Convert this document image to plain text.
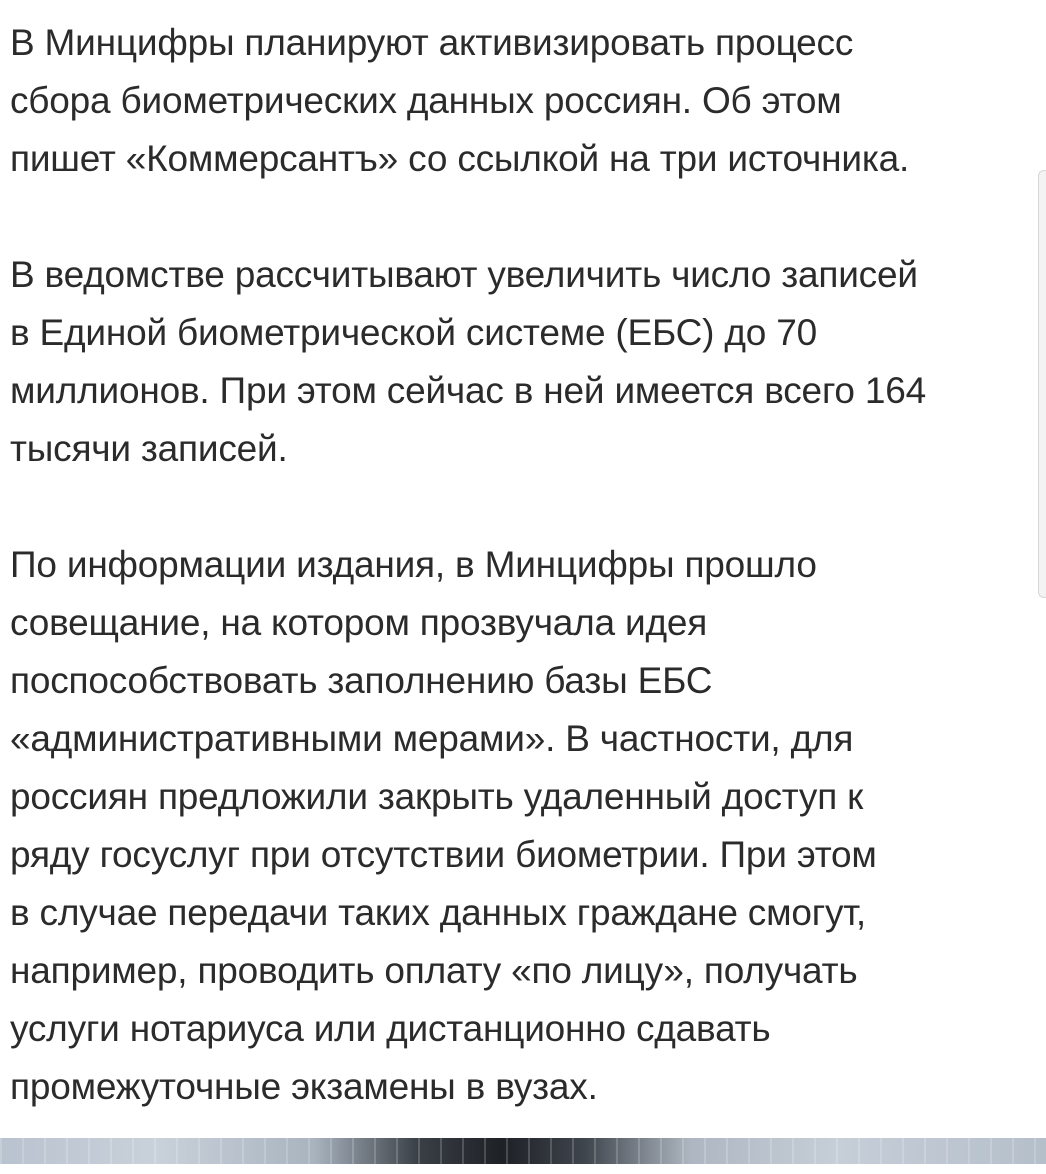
В Минцифры планируют активизировать процесс
сбора биометрических данных россиян. Об этом
пишет «Коммерсантъ» со ссылкой на три источника.

В ведомстве рассчитывают увеличить число записей
в Единой биометрической системе (ЕБС) до 70
миллионов. При этом сейчас в ней имеется всего 164
тысячи записей.

По информации издания, в Минцифры прошло
совещание, на котором прозвучала идея
поспособствовать заполнению базы ЕБС
«административными мерами». В частности, для
россиян предложили закрыть удаленный доступ к
ряду госуслуг при отсутствии биометрии. При этом
в случае передачи таких данных граждане смогут,
например, проводить оплату «по лицу», получать
услуги нотариуса или дистанционно сдавать
промежуточные экзамены в вузах.
